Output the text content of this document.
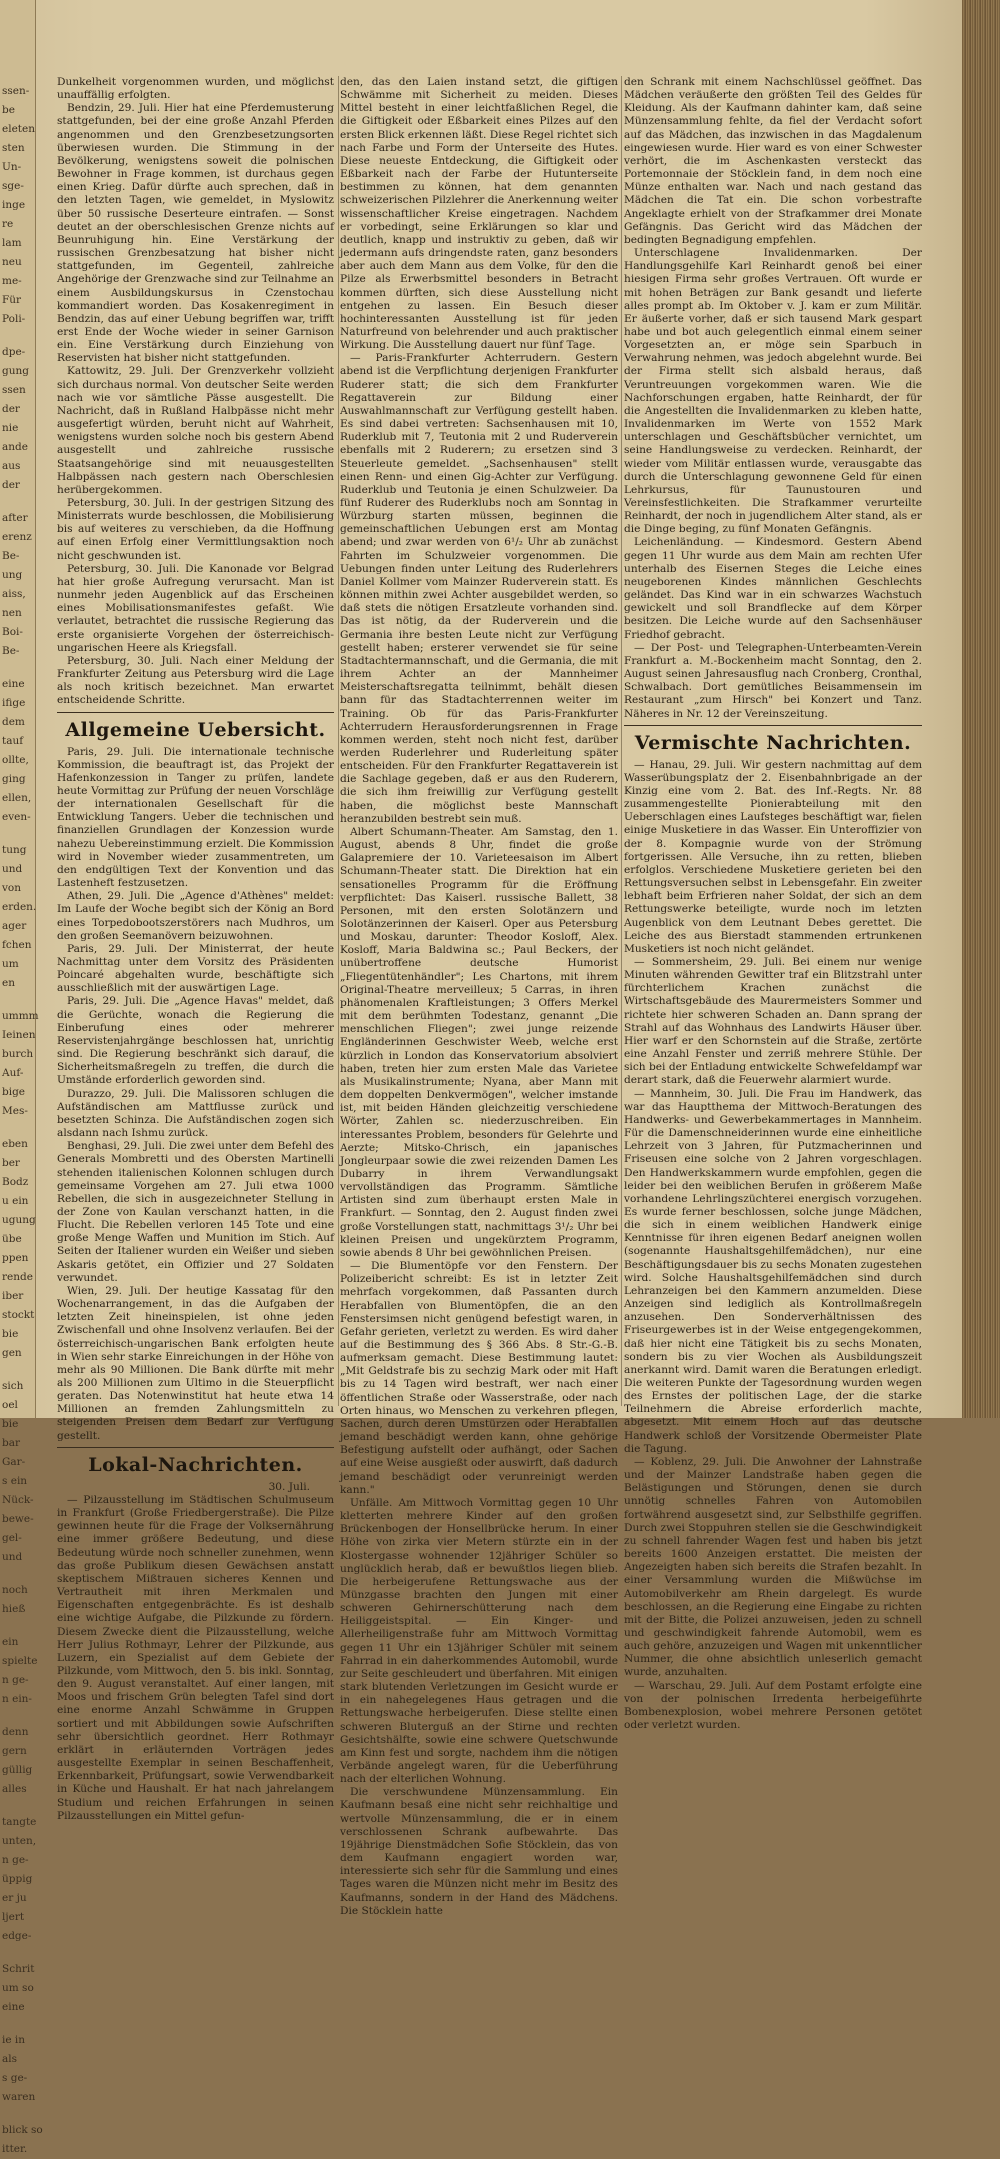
ssen-
be
eleten
sten
Un-
sge-
inge
re
lam
neu
me-
Für
Poli-
dpe-
gung
ssen
der
nie
ande
aus
der
after
erenz
Be-
ung
aiss,
nen
Boi-
Be-
eine
ifige
dem
tauf
ollte,
ging
ellen,
even-
tung
und
von
erden.
ager
fchen
um
en
ummm
Ieinen
burch
Auf-
bige
Mes-
eben
ber
Bodz
u ein
ugung
übe
ppen
rende
iber
stockt
bie
gen
sich
oel
bie
bar
Gar-
s ein
Nück-
bewe-
gel-
und
noch
hieß
ein
spielte
n ge-
n ein-
denn
gern
güllig
alles
tangte
unten,
n ge-
üppig
er ju
ljert
edge-
Schrit
um so
eine
ie in
als
s ge-
waren
blick so
itter.

Dunkelheit vorgenommen wurden, und möglichst unauffällig erfolgten.

Bendzin, 29. Juli. Hier hat eine Pferdemusterung stattgefunden, bei der eine große Anzahl Pferden angenommen und den Grenzbesetzungsorten überwiesen wurden. Die Stimmung in der Bevölkerung, wenigstens soweit die polnischen Bewohner in Frage kommen, ist durchaus gegen einen Krieg. Dafür dürfte auch sprechen, daß in den letzten Tagen, wie gemeldet, in Myslowitz über 50 russische Deserteure eintrafen. — Sonst deutet an der oberschlesischen Grenze nichts auf Beunruhigung hin. Eine Verstärkung der russischen Grenzbesatzung hat bisher nicht stattgefunden, im Gegenteil, zahlreiche Angehörige der Grenzwache sind zur Teilnahme an einem Ausbildungskursus in Czenstochau kommandiert worden. Das Kosakenregiment in Bendzin, das auf einer Uebung begriffen war, trifft erst Ende der Woche wieder in seiner Garnison ein. Eine Verstärkung durch Einziehung von Reservisten hat bisher nicht stattgefunden.

Kattowitz, 29. Juli. Der Grenzverkehr vollzieht sich durchaus normal. Von deutscher Seite werden nach wie vor sämtliche Pässe ausgestellt. Die Nachricht, daß in Rußland Halbpässe nicht mehr ausgefertigt würden, beruht nicht auf Wahrheit, wenigstens wurden solche noch bis gestern Abend ausgestellt und zahlreiche russische Staatsangehörige sind mit neuausgestellten Halbpässen nach gestern nach Oberschlesien herübergekommen.

Petersburg, 30. Juli. In der gestrigen Sitzung des Ministerrats wurde beschlossen, die Mobilisierung bis auf weiteres zu verschieben, da die Hoffnung auf einen Erfolg einer Vermittlungsaktion noch nicht geschwunden ist.

Petersburg, 30. Juli. Die Kanonade vor Belgrad hat hier große Aufregung verursacht. Man ist nunmehr jeden Augenblick auf das Erscheinen eines Mobilisationsmanifestes gefaßt. Wie verlautet, betrachtet die russische Regierung das erste organisierte Vorgehen der österreichisch-ungarischen Heere als Kriegsfall.

Petersburg, 30. Juli. Nach einer Meldung der Frankfurter Zeitung aus Petersburg wird die Lage als noch kritisch bezeichnet. Man erwartet entscheidende Schritte.

Allgemeine Uebersicht.

Paris, 29. Juli. Die internationale technische Kommission, die beauftragt ist, das Projekt der Hafenkonzession in Tanger zu prüfen, landete heute Vormittag zur Prüfung der neuen Vorschläge der internationalen Gesellschaft für die Entwicklung Tangers. Ueber die technischen und finanziellen Grundlagen der Konzession wurde nahezu Uebereinstimmung erzielt. Die Kommission wird in November wieder zusammentreten, um den endgültigen Text der Konvention und das Lastenheft festzusetzen.

Athen, 29. Juli. Die „Agence d'Athènes" meldet: Im Laufe der Woche begibt sich der König an Bord eines Torpedobootszerstörers nach Mudhros, um den großen Seemanövern beizuwohnen.

Paris, 29. Juli. Der Ministerrat, der heute Nachmittag unter dem Vorsitz des Präsidenten Poincaré abgehalten wurde, beschäftigte sich ausschließlich mit der auswärtigen Lage.

Paris, 29. Juli. Die „Agence Havas" meldet, daß die Gerüchte, wonach die Regierung die Einberufung eines oder mehrerer Reservistenjahrgänge beschlossen hat, unrichtig sind. Die Regierung beschränkt sich darauf, die Sicherheitsmaßregeln zu treffen, die durch die Umstände erforderlich geworden sind.

Durazzo, 29. Juli. Die Malissoren schlugen die Aufständischen am Mattflusse zurück und besetzten Schinza. Die Aufständischen zogen sich alsdann nach Ishmu zurück.

Benghasi, 29. Juli. Die zwei unter dem Befehl des Generals Mombretti und des Obersten Martinelli stehenden italienischen Kolonnen schlugen durch gemeinsame Vorgehen am 27. Juli etwa 1000 Rebellen, die sich in ausgezeichneter Stellung in der Zone von Kaulan verschanzt hatten, in die Flucht. Die Rebellen verloren 145 Tote und eine große Menge Waffen und Munition im Stich. Auf Seiten der Italiener wurden ein Weißer und sieben Askaris getötet, ein Offizier und 27 Soldaten verwundet.

Wien, 29. Juli. Der heutige Kassatag für den Wochenarrangement, in das die Aufgaben der letzten Zeit hineinspielen, ist ohne jeden Zwischenfall und ohne Insolvenz verlaufen. Bei der österreichisch-ungarischen Bank erfolgten heute in Wien sehr starke Einreichungen in der Höhe von mehr als 90 Millionen. Die Bank dürfte mit mehr als 200 Millionen zum Ultimo in die Steuerpflicht geraten. Das Notenwinstitut hat heute etwa 14 Millionen an fremden Zahlungsmitteln zu steigenden Preisen dem Bedarf zur Verfügung gestellt.

Lokal-Nachrichten.
30. Juli.

— Pilzausstellung im Städtischen Schulmuseum in Frankfurt (Große Friedbergerstraße). Die Pilze gewinnen heute für die Frage der Volksernährung eine immer größere Bedeutung, und diese Bedeutung würde noch schneller zunehmen, wenn das große Publikum diesen Gewächsen anstatt skeptischem Mißtrauen sicheres Kennen und Vertrautheit mit ihren Merkmalen und Eigenschaften entgegenbrächte. Es ist deshalb eine wichtige Aufgabe, die Pilzkunde zu fördern. Diesem Zwecke dient die Pilzausstellung, welche Herr Julius Rothmayr, Lehrer der Pilzkunde, aus Luzern, ein Spezialist auf dem Gebiete der Pilzkunde, vom Mittwoch, den 5. bis inkl. Sonntag, den 9. August veranstaltet. Auf einer langen, mit Moos und frischem Grün belegten Tafel sind dort eine enorme Anzahl Schwämme in Gruppen sortiert und mit Abbildungen sowie Aufschriften sehr übersichtlich geordnet. Herr Rothmayr erklärt in erläuternden Vorträgen jedes ausgestellte Exemplar in seinen Beschaffenheit, Erkennbarkeit, Prüfungsart, sowie Verwendbarkeit in Küche und Haushalt. Er hat nach jahrelangem Studium und reichen Erfahrungen in seinen Pilzausstellungen ein Mittel gefun-

den, das den Laien instand setzt, die giftigen Schwämme mit Sicherheit zu meiden. Dieses Mittel besteht in einer leichtfaßlichen Regel, die die Giftigkeit oder Eßbarkeit eines Pilzes auf den ersten Blick erkennen läßt. Diese Regel richtet sich nach Farbe und Form der Unterseite des Hutes. Diese neueste Entdeckung, die Giftigkeit oder Eßbarkeit nach der Farbe der Hutunterseite bestimmen zu können, hat dem genannten schweizerischen Pilzlehrer die Anerkennung weiter wissenschaftlicher Kreise eingetragen. Nachdem er vorbedingt, seine Erklärungen so klar und deutlich, knapp und instruktiv zu geben, daß wir jedermann aufs dringendste raten, ganz besonders aber auch dem Mann aus dem Volke, für den die Pilze als Erwerbsmittel besonders in Betracht kommen dürften, sich diese Ausstellung nicht entgehen zu lassen. Ein Besuch dieser hochinteressanten Ausstellung ist für jeden Naturfreund von belehrender und auch praktischer Wirkung. Die Ausstellung dauert nur fünf Tage.

— Paris-Frankfurter Achterrudern. Gestern abend ist die Verpflichtung derjenigen Frankfurter Ruderer statt; die sich dem Frankfurter Regattaverein zur Bildung einer Auswahlmannschaft zur Verfügung gestellt haben. Es sind dabei vertreten: Sachsenhausen mit 10, Ruderklub mit 7, Teutonia mit 2 und Ruderverein ebenfalls mit 2 Ruderern; zu ersetzen sind 3 Steuerleute gemeldet. „Sachsenhausen" stellt einen Renn- und einen Gig-Achter zur Verfügung. Ruderklub und Teutonia je einen Schulzweier. Da fünf Ruderer des Ruderklubs noch am Sonntag in Würzburg starten müssen, beginnen die gemeinschaftlichen Uebungen erst am Montag abend; und zwar werden von 6¹/₂ Uhr ab zunächst Fahrten im Schulzweier vorgenommen. Die Uebungen finden unter Leitung des Ruderlehrers Daniel Kollmer vom Mainzer Ruderverein statt. Es können mithin zwei Achter ausgebildet werden, so daß stets die nötigen Ersatzleute vorhanden sind. Das ist nötig, da der Ruderverein und die Germania ihre besten Leute nicht zur Verfügung gestellt haben; ersterer verwendet sie für seine Stadtachtermannschaft, und die Germania, die mit ihrem Achter an der Mannheimer Meisterschaftsregatta teilnimmt, behält diesen bann für das Stadtachterrennen weiter im Training. Ob für das Paris-Frankfurter Achterrudern Herausforderungsrennen in Frage kommen werden, steht noch nicht fest, darüber werden Ruderlehrer und Ruderleitung später entscheiden. Für den Frankfurter Regattaverein ist die Sachlage gegeben, daß er aus den Ruderern, die sich ihm freiwillig zur Verfügung gestellt haben, die möglichst beste Mannschaft heranzubilden bestrebt sein muß.

Albert Schumann-Theater. Am Samstag, den 1. August, abends 8 Uhr, findet die große Galapremiere der 10. Varieteesaison im Albert Schumann-Theater statt. Die Direktion hat ein sensationelles Programm für die Eröffnung verpflichtet: Das Kaiserl. russische Ballett, 38 Personen, mit den ersten Solotänzern und Solotänzerinnen der Kaiserl. Oper aus Petersburg und Moskau, darunter: Theodor Kosloff, Alex. Kosloff, Maria Baldwina sc.; Paul Beckers, der unübertroffene deutsche Humorist „Fliegentütenhändler"; Les Chartons, mit ihrem Original-Theatre merveilleux; 5 Carras, in ihren phänomenalen Kraftleistungen; 3 Offers Merkel mit dem berühmten Todestanz, genannt „Die menschlichen Fliegen"; zwei junge reizende Engländerinnen Geschwister Weeb, welche erst kürzlich in London das Konservatorium absolviert haben, treten hier zum ersten Male das Varietee als Musikalinstrumente; Nyana, aber Mann mit dem doppelten Denkvermögen", welcher imstande ist, mit beiden Händen gleichzeitig verschiedene Wörter, Zahlen sc. niederzuschreiben. Ein interessantes Problem, besonders für Gelehrte und Aerzte; Mitsko-Chrisch, ein japanisches Jongleurpaar sowie die zwei reizenden Damen Les Dubarry in ihrem Verwandlungsakt vervollständigen das Programm. Sämtliche Artisten sind zum überhaupt ersten Male in Frankfurt. — Sonntag, den 2. August finden zwei große Vorstellungen statt, nachmittags 3¹/₂ Uhr bei kleinen Preisen und ungekürztem Programm, sowie abends 8 Uhr bei gewöhnlichen Preisen.

— Die Blumentöpfe vor den Fenstern. Der Polizeibericht schreibt: Es ist in letzter Zeit mehrfach vorgekommen, daß Passanten durch Herabfallen von Blumentöpfen, die an den Fenstersimsen nicht genügend befestigt waren, in Gefahr gerieten, verletzt zu werden. Es wird daher auf die Bestimmung des § 366 Abs. 8 Str.-G.-B. aufmerksam gemacht. Diese Bestimmung lautet: „Mit Geldstrafe bis zu sechzig Mark oder mit Haft bis zu 14 Tagen wird bestraft, wer nach einer öffentlichen Straße oder Wasserstraße, oder nach Orten hinaus, wo Menschen zu verkehren pflegen, Sachen, durch deren Umstürzen oder Herabfallen jemand beschädigt werden kann, ohne gehörige Befestigung aufstellt oder aufhängt, oder Sachen auf eine Weise ausgießt oder auswirft, daß dadurch jemand beschädigt oder verunreinigt werden kann."

Unfälle. Am Mittwoch Vormittag gegen 10 Uhr kletterten mehrere Kinder auf den großen Brückenbogen der Honsellbrücke herum. In einer Höhe von zirka vier Metern stürzte ein in der Klostergasse wohnender 12jähriger Schüler so unglücklich herab, daß er bewußtlos liegen blieb. Die herbeigerufene Rettungswache aus der Münzgasse brachten den Jungen mit einer schweren Gehirnerschütterung nach dem Heiliggeistspital. — Ein Kinger- und Allerheiligenstraße fuhr am Mittwoch Vormittag gegen 11 Uhr ein 13jähriger Schüler mit seinem Fahrrad in ein daherkommendes Automobil, wurde zur Seite geschleudert und überfahren. Mit einigen stark blutenden Verletzungen im Gesicht wurde er in ein nahegelegenes Haus getragen und die Rettungswache herbeigerufen. Diese stellte einen schweren Bluterguß an der Stirne und rechten Gesichtshälfte, sowie eine schwere Quetschwunde am Kinn fest und sorgte, nachdem ihm die nötigen Verbände angelegt waren, für die Ueberführung nach der elterlichen Wohnung.

Die verschwundene Münzensammlung. Ein Kaufmann besaß eine nicht sehr reichhaltige und wertvolle Münzensammlung, die er in einem verschlossenen Schrank aufbewahrte. Das 19jährige Dienstmädchen Sofie Stöcklein, das von dem Kaufmann engagiert worden war, interessierte sich sehr für die Sammlung und eines Tages waren die Münzen nicht mehr im Besitz des Kaufmanns, sondern in der Hand des Mädchens. Die Stöcklein hatte

den Schrank mit einem Nachschlüssel geöffnet. Das Mädchen veräußerte den größten Teil des Geldes für Kleidung. Als der Kaufmann dahinter kam, daß seine Münzensammlung fehlte, da fiel der Verdacht sofort auf das Mädchen, das inzwischen in das Magdalenum eingewiesen wurde. Hier ward es von einer Schwester verhört, die im Aschenkasten versteckt das Portemonnaie der Stöcklein fand, in dem noch eine Münze enthalten war. Nach und nach gestand das Mädchen die Tat ein. Die schon vorbestrafte Angeklagte erhielt von der Strafkammer drei Monate Gefängnis. Das Gericht wird das Mädchen der bedingten Begnadigung empfehlen.

Unterschlagene Invalidenmarken. Der Handlungsgehilfe Karl Reinhardt genoß bei einer hiesigen Firma sehr großes Vertrauen. Oft wurde er mit hohen Beträgen zur Bank gesandt und lieferte alles prompt ab. Im Oktober v. J. kam er zum Militär. Er äußerte vorher, daß er sich tausend Mark gespart habe und bot auch gelegentlich einmal einem seiner Vorgesetzten an, er möge sein Sparbuch in Verwahrung nehmen, was jedoch abgelehnt wurde. Bei der Firma stellt sich alsbald heraus, daß Veruntreuungen vorgekommen waren. Wie die Nachforschungen ergaben, hatte Reinhardt, der für die Angestellten die Invalidenmarken zu kleben hatte, Invalidenmarken im Werte von 1552 Mark unterschlagen und Geschäftsbücher vernichtet, um seine Handlungsweise zu verdecken. Reinhardt, der wieder vom Militär entlassen wurde, verausgabte das durch die Unterschlagung gewonnene Geld für einen Lehrkursus, für Taunustouren und Vereinsfestlichkeiten. Die Strafkammer verurteilte Reinhardt, der noch in jugendlichem Alter stand, als er die Dinge beging, zu fünf Monaten Gefängnis.

Leichenländung. — Kindesmord. Gestern Abend gegen 11 Uhr wurde aus dem Main am rechten Ufer unterhalb des Eisernen Steges die Leiche eines neugeborenen Kindes männlichen Geschlechts geländet. Das Kind war in ein schwarzes Wachstuch gewickelt und soll Brandflecke auf dem Körper besitzen. Die Leiche wurde auf den Sachsenhäuser Friedhof gebracht.

— Der Post- und Telegraphen-Unterbeamten-Verein Frankfurt a. M.-Bockenheim macht Sonntag, den 2. August seinen Jahresausflug nach Cronberg, Cronthal, Schwalbach. Dort gemütliches Beisammensein im Restaurant „zum Hirsch" bei Konzert und Tanz. Näheres in Nr. 12 der Vereinszeitung.

Vermischte Nachrichten.

— Hanau, 29. Juli. Wir gestern nachmittag auf dem Wasserübungsplatz der 2. Eisenbahnbrigade an der Kinzig eine vom 2. Bat. des Inf.-Regts. Nr. 88 zusammengestellte Pionierabteilung mit den Ueberschlagen eines Laufsteges beschäftigt war, fielen einige Musketiere in das Wasser. Ein Unteroffizier von der 8. Kompagnie wurde von der Strömung fortgerissen. Alle Versuche, ihn zu retten, blieben erfolglos. Verschiedene Musketiere gerieten bei den Rettungsversuchen selbst in Lebensgefahr. Ein zweiter lebhaft beim Erfrieren naher Soldat, der sich an dem Rettungswerke beteiligte, wurde noch im letzten Augenblick von dem Leutnant Debes gerettet. Die Leiche des aus Bierstadt stammenden ertrunkenen Musketiers ist noch nicht geländet.

— Sommersheim, 29. Juli. Bei einem nur wenige Minuten währenden Gewitter traf ein Blitzstrahl unter fürchterlichem Krachen zunächst die Wirtschaftsgebäude des Maurermeisters Sommer und richtete hier schweren Schaden an. Dann sprang der Strahl auf das Wohnhaus des Landwirts Häuser über. Hier warf er den Schornstein auf die Straße, zertörte eine Anzahl Fenster und zerriß mehrere Stühle. Der sich bei der Entladung entwickelte Schwefeldampf war derart stark, daß die Feuerwehr alarmiert wurde.

— Mannheim, 30. Juli. Die Frau im Handwerk, das war das Hauptthema der Mittwoch-Beratungen des Handwerks- und Gewerbekammertages in Mannheim. Für die Damenschneiderinnen wurde eine einheitliche Lehrzeit von 3 Jahren, für Putzmacherinnen und Friseusen eine solche von 2 Jahren vorgeschlagen. Den Handwerkskammern wurde empfohlen, gegen die leider bei den weiblichen Berufen in größerem Maße vorhandene Lehrlingszüchterei energisch vorzugehen. Es wurde ferner beschlossen, solche junge Mädchen, die sich in einem weiblichen Handwerk einige Kenntnisse für ihren eigenen Bedarf aneignen wollen (sogenannte Haushaltsgehilfemädchen), nur eine Beschäftigungsdauer bis zu sechs Monaten zugestehen wird. Solche Haushaltsgehilfemädchen sind durch Lehranzeigen bei den Kammern anzumelden. Diese Anzeigen sind lediglich als Kontrollmaßregeln anzusehen. Den Sonderverhältnissen des Friseurgewerbes ist in der Weise entgegengekommen, daß hier nicht eine Tätigkeit bis zu sechs Monaten, sondern bis zu vier Wochen als Ausbildungszeit anerkannt wird. Damit waren die Beratungen erledigt. Die weiteren Punkte der Tagesordnung wurden wegen des Ernstes der politischen Lage, der die starke Teilnehmern die Abreise erforderlich machte, abgesetzt. Mit einem Hoch auf das deutsche Handwerk schloß der Vorsitzende Obermeister Plate die Tagung.

— Koblenz, 29. Juli. Die Anwohner der Lahnstraße und der Mainzer Landstraße haben gegen die Belästigungen und Störungen, denen sie durch unnötig schnelles Fahren von Automobilen fortwährend ausgesetzt sind, zur Selbsthilfe gegriffen. Durch zwei Stoppuhren stellen sie die Geschwindigkeit zu schnell fahrender Wagen fest und haben bis jetzt bereits 1600 Anzeigen erstattet. Die meisten der Angezeigten haben sich bereits die Strafen bezahlt. In einer Versammlung wurden die Mißwüchse im Automobilverkehr am Rhein dargelegt. Es wurde beschlossen, an die Regierung eine Eingabe zu richten mit der Bitte, die Polizei anzuweisen, jeden zu schnell und geschwindigkeit fahrende Automobil, wem es auch gehöre, anzuzeigen und Wagen mit unkenntlicher Nummer, die ohne absichtlich unleserlich gemacht wurde, anzuhalten.

— Warschau, 29. Juli. Auf dem Postamt erfolgte eine von der polnischen Irredenta herbeigeführte Bombenexplosion, wobei mehrere Personen getötet oder verletzt wurden.
